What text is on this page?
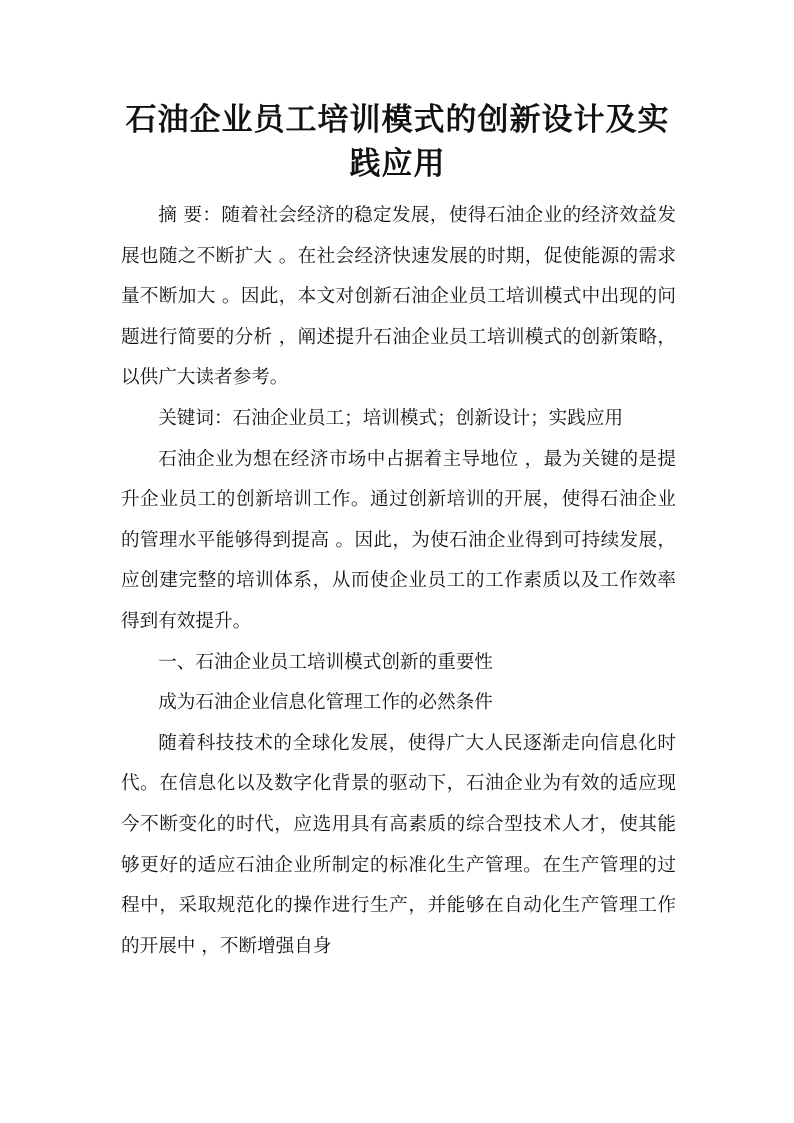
石油企业员工培训模式的创新设计及实践应用

摘 要：随着社会经济的稳定发展，使得石油企业的经济效益发展也随之不断扩大 。在社会经济快速发展的时期，促使能源的需求量不断加大 。因此，本文对创新石油企业员工培训模式中出现的问题进行简要的分析 ，阐述提升石油企业员工培训模式的创新策略，以供广大读者参考。

关键词：石油企业员工；培训模式；创新设计；实践应用

石油企业为想在经济市场中占据着主导地位 ，最为关键的是提升企业员工的创新培训工作。通过创新培训的开展，使得石油企业的管理水平能够得到提高 。因此，为使石油企业得到可持续发展，应创建完整的培训体系，从而使企业员工的工作素质以及工作效率得到有效提升。

一、石油企业员工培训模式创新的重要性

成为石油企业信息化管理工作的必然条件

随着科技技术的全球化发展，使得广大人民逐渐走向信息化时代。在信息化以及数字化背景的驱动下，石油企业为有效的适应现今不断变化的时代，应选用具有高素质的综合型技术人才，使其能够更好的适应石油企业所制定的标准化生产管理。在生产管理的过程中，采取规范化的操作进行生产，并能够在自动化生产管理工作的开展中 ，不断增强自身
